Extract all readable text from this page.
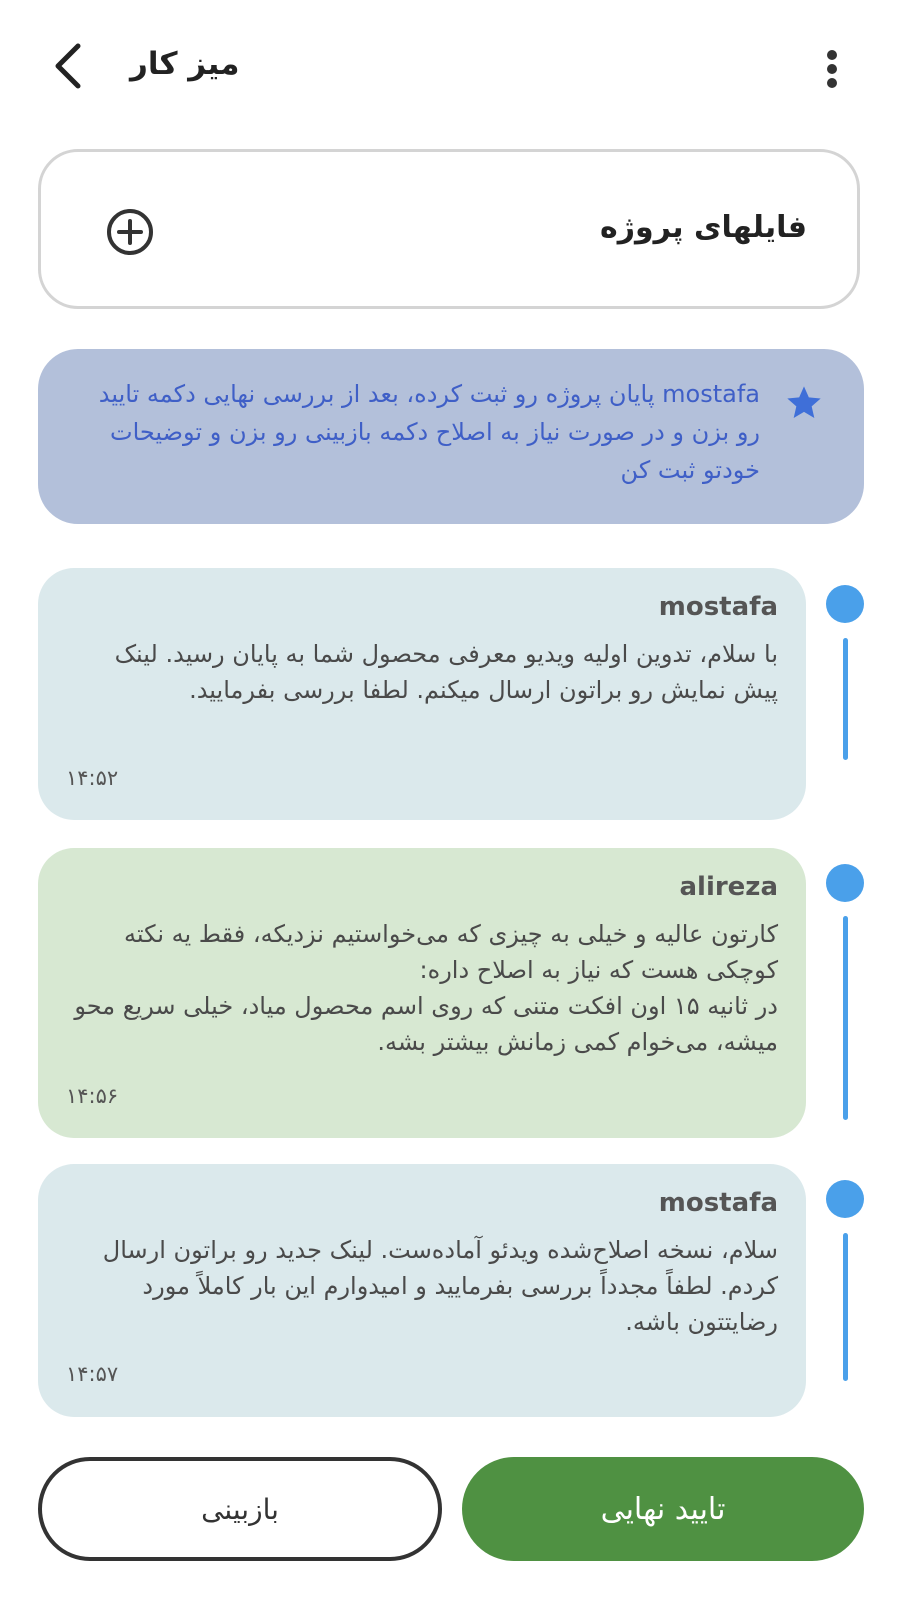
میز کار
فایلهای پروژه
mostafa پایان پروژه رو ثبت کرده، بعد از بررسی نهایی دکمه تایید رو بزن و در صورت نیاز به اصلاح دکمه بازبینی رو بزن و توضیحات خودتو ثبت کن
mostafa
با سلام، تدوین اولیه ویدیو معرفی محصول شما به پایان رسید. لینک پیش نمایش رو براتون ارسال میکنم. لطفا بررسی بفرمایید.
۱۴:۵۲
alireza
کارتون عالیه و خیلی به چیزی که می‌خواستیم نزدیکه، فقط یه نکته کوچکی هست که نیاز به اصلاح داره:
در ثانیه ۱۵ اون افکت متنی که روی اسم محصول میاد، خیلی سریع محو میشه، می‌خوام کمی زمانش بیشتر بشه.
۱۴:۵۶
mostafa
سلام، نسخه اصلاح‌شده ویدئو آماده‌ست. لینک جدید رو براتون ارسال کردم. لطفاً مجدداً بررسی بفرمایید و امیدوارم این بار کاملاً مورد رضایتتون باشه.
۱۴:۵۷
بازبینی	تایید نهایی
